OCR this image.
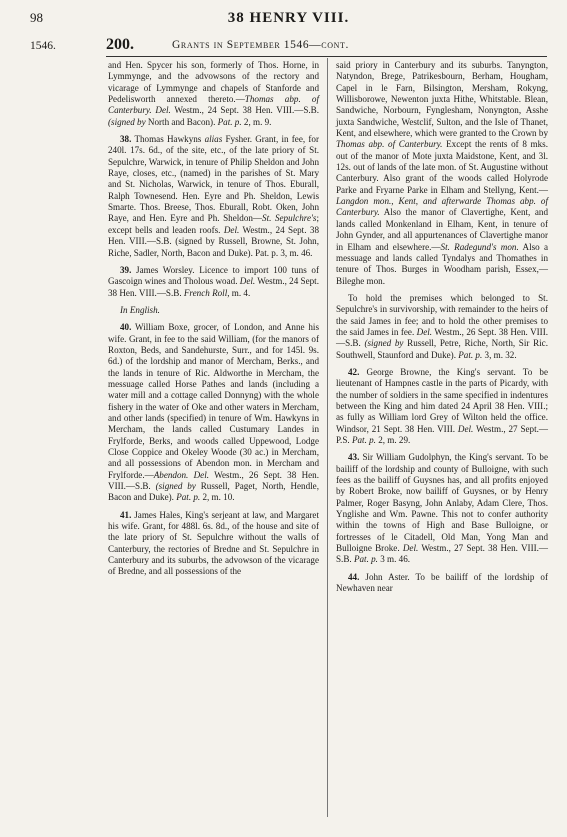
98	38 HENRY VIII.
1546.	200.	Grants in September 1546—cont.

and Hen. Spycer his son, formerly of Thos. Horne, in Lymmynge, and the advowsons of the rectory and vicarage of Lymmynge and chapels of Stanforde and Pedelisworth annexed thereto.—Thomas abp. of Canterbury. Del. Westm., 24 Sept. 38 Hen. VIII.—S.B. (signed by North and Bacon). Pat. p. 2, m. 9.

38. Thomas Hawkyns alias Fysher. Grant, in fee, for 240l. 17s. 6d., of the site, etc., of the late priory of St. Sepulchre, Warwick, in tenure of Philip Sheldon and John Raye, closes, etc., (named) in the parishes of St. Mary and St. Nicholas, Warwick, in tenure of Thos. Eburall, Ralph Townesend. Hen. Eyre and Ph. Sheldon, Lewis Smarte. Thos. Breese, Thos. Eburall, Robt. Oken, John Raye, and Hen. Eyre and Ph. Sheldon—St. Sepulchre's; except bells and leaden roofs. Del. Westm., 24 Sept. 38 Hen. VIII.—S.B. (signed by Russell, Browne, St. John, Riche, Sadler, North, Bacon and Duke). Pat. p. 3, m. 46.

39. James Worsley. Licence to import 100 tuns of Gascoign wines and Tholous woad. Del. Westm., 24 Sept. 38 Hen. VIII.—S.B. French Roll, m. 4.

In English.

40. William Boxe, grocer, of London, and Anne his wife. Grant, in fee to the said William, (for the manors of Roxton, Beds, and Sandehurste, Surr., and for 145l. 9s. 6d.) of the lordship and manor of Mercham, Berks., and the lands in tenure of Ric. Aldworthe in Mercham, the messuage called Horse Pathes and lands (including a water mill and a cottage called Donnyng) with the whole fishery in the water of Oke and other waters in Mercham, and other lands (specified) in tenure of Wm. Hawkyns in Mercham, the lands called Custumary Landes in Frylforde, Berks, and woods called Uppewood, Lodge Close Coppice and Okeley Woode (30 ac.) in Mercham, and all possessions of Abendon mon. in Mercham and Frylforde.—Abendon. Del. Westm., 26 Sept. 38 Hen. VIII.—S.B. (signed by Russell, Paget, North, Hendle, Bacon and Duke). Pat. p. 2, m. 10.

41. James Hales, King's serjeant at law, and Margaret his wife. Grant, for 488l. 6s. 8d., of the house and site of the late priory of St. Sepulchre without the walls of Canterbury, the rectories of Bredne and St. Sepulchre in Canterbury and its suburbs, the advowson of the vicarage of Bredne, and all possessions of the

said priory in Canterbury and its suburbs. Tanyngton, Natyndon, Brege, Patrikesbourn, Berham, Hougham, Capel in le Farn, Bilsington, Mersham, Rokyng, Willisborowe, Newenton juxta Hithe, Whitstable. Blean, Sandwiche, Norbourn, Fynglesham, Nonyngton, Asshe juxta Sandwiche, Westclif, Sulton, and the Isle of Thanet, Kent, and elsewhere, which were granted to the Crown by Thomas abp. of Canterbury. Except the rents of 8 mks. out of the manor of Mote juxta Maidstone, Kent, and 3l. 12s. out of lands of the late mon. of St. Augustine without Canterbury. Also grant of the woods called Holyrode Parke and Fryarne Parke in Elham and Stellyng, Kent.—Langdon mon., Kent, and afterwarde Thomas abp. of Canterbury. Also the manor of Clavertighe, Kent, and lands called Monkenland in Elham, Kent, in tenure of John Gynder, and all appurtenances of Clavertighe manor in Elham and elsewhere.—St. Radegund's mon. Also a messuage and lands called Tyndalys and Thomathes in tenure of Thos. Burges in Woodham parish, Essex,—Bileghe mon.

To hold the premises which belonged to St. Sepulchre's in survivorship, with remainder to the heirs of the said James in fee; and to hold the other premises to the said James in fee. Del. Westm., 26 Sept. 38 Hen. VIII.—S.B. (signed by Russell, Petre, Riche, North, Sir Ric. Southwell, Staunford and Duke). Pat. p. 3, m. 32.

42. George Browne, the King's servant. To be lieutenant of Hampnes castle in the parts of Picardy, with the number of soldiers in the same specified in indentures between the King and him dated 24 April 38 Hen. VIII.; as fully as William lord Grey of Wilton held the office. Windsor, 21 Sept. 38 Hen. VIII. Del. Westm., 27 Sept.—P.S. Pat. p. 2, m. 29.

43. Sir William Gudolphyn, the King's servant. To be bailiff of the lordship and county of Bulloigne, with such fees as the bailiff of Guysnes has, and all profits enjoyed by Robert Broke, now bailiff of Guysnes, or by Henry Palmer, Roger Basyng, John Anlaby, Adam Clere, Thos. Ynglishe and Wm. Pawne. This not to confer authority within the towns of High and Base Bulloigne, or fortresses of le Citadell, Old Man, Yong Man and Bulloigne Broke. Del. Westm., 27 Sept. 38 Hen. VIII.—S.B. Pat. p. 3 m. 46.

44. John Aster. To be bailiff of the lordship of Newhaven near
